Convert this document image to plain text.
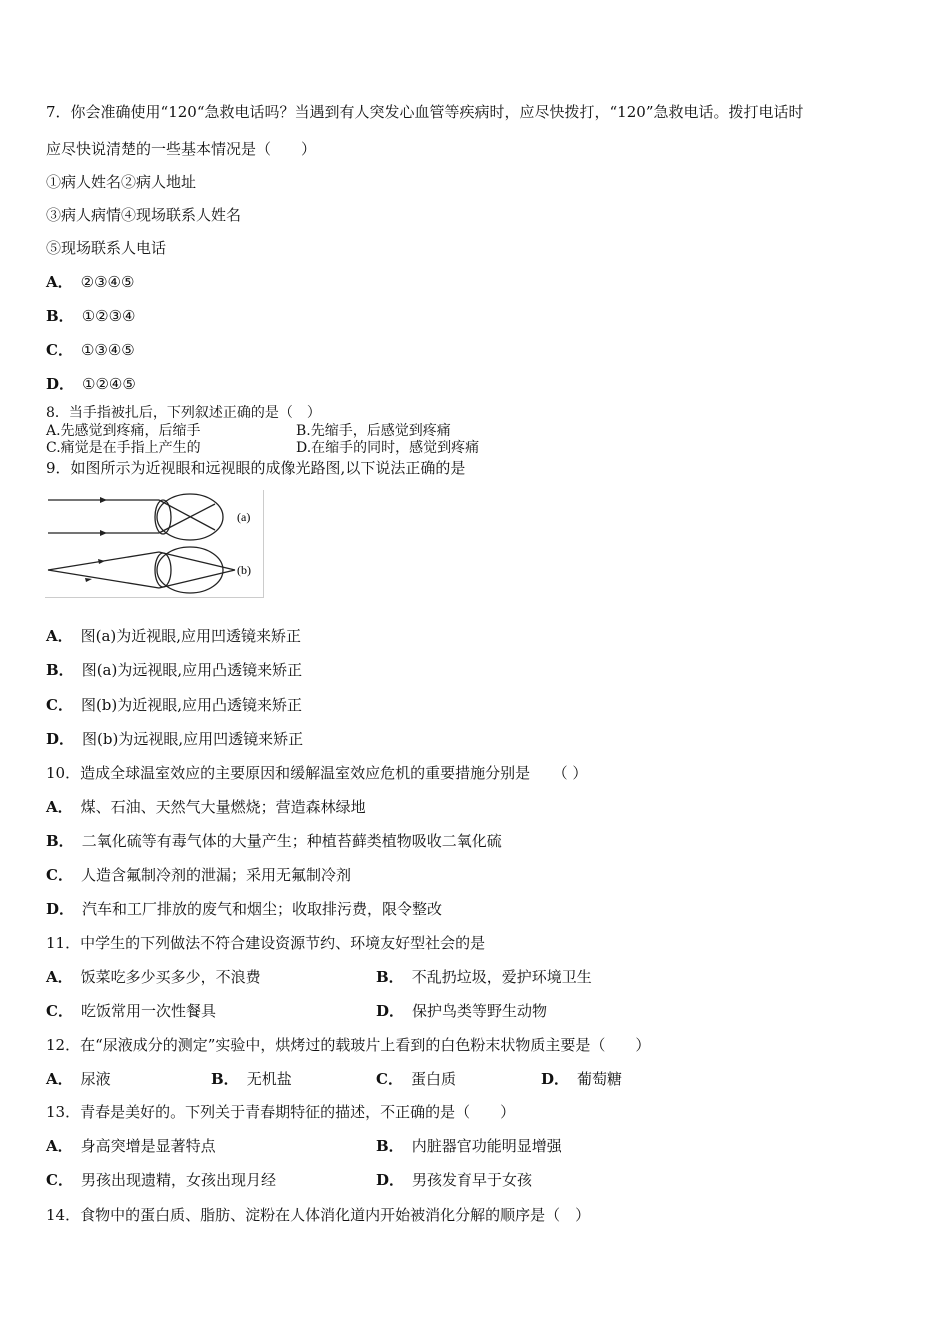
7．你会准确使用“120“急救电话吗？当遇到有人突发心血管等疾病时，应尽快拨打，“120”急救电话。拨打电话时
应尽快说清楚的一些基本情况是（　　）
①病人姓名②病人地址
③病人病情④现场联系人姓名
⑤现场联系人电话
A． ②③④⑤
B． ①②③④
C． ①③④⑤
D． ①②④⑤
8．当手指被扎后，下列叙述正确的是（　）
A.先感觉到疼痛，后缩手	B.先缩手，后感觉到疼痛
C.痛觉是在手指上产生的	D.在缩手的同时，感觉到疼痛
9．如图所示为近视眼和远视眼的成像光路图,以下说法正确的是
(a)
(b)
A． 图(a)为近视眼,应用凹透镜来矫正
B． 图(a)为远视眼,应用凸透镜来矫正
C． 图(b)为近视眼,应用凸透镜来矫正
D． 图(b)为远视眼,应用凹透镜来矫正
10．造成全球温室效应的主要原因和缓解温室效应危机的重要措施分别是　　（ ）
A． 煤、石油、天然气大量燃烧；营造森林绿地
B． 二氧化硫等有毒气体的大量产生；种植苔藓类植物吸收二氧化硫
C． 人造含氟制冷剂的泄漏；采用无氟制冷剂
D． 汽车和工厂排放的废气和烟尘；收取排污费，限令整改
11．中学生的下列做法不符合建设资源节约、环境友好型社会的是
A． 饭菜吃多少买多少，不浪费	B． 不乱扔垃圾，爱护环境卫生
C． 吃饭常用一次性餐具	D． 保护鸟类等野生动物
12．在“尿液成分的测定”实验中，烘烤过的载玻片上看到的白色粉末状物质主要是（　　）
A． 尿液	B． 无机盐	C． 蛋白质	D． 葡萄糖
13．青春是美好的。下列关于青春期特征的描述，不正确的是（　　）
A． 身高突增是显著特点	B． 内脏器官功能明显增强
C． 男孩出现遗精，女孩出现月经	D． 男孩发育早于女孩
14．食物中的蛋白质、脂肪、淀粉在人体消化道内开始被消化分解的顺序是（　）
